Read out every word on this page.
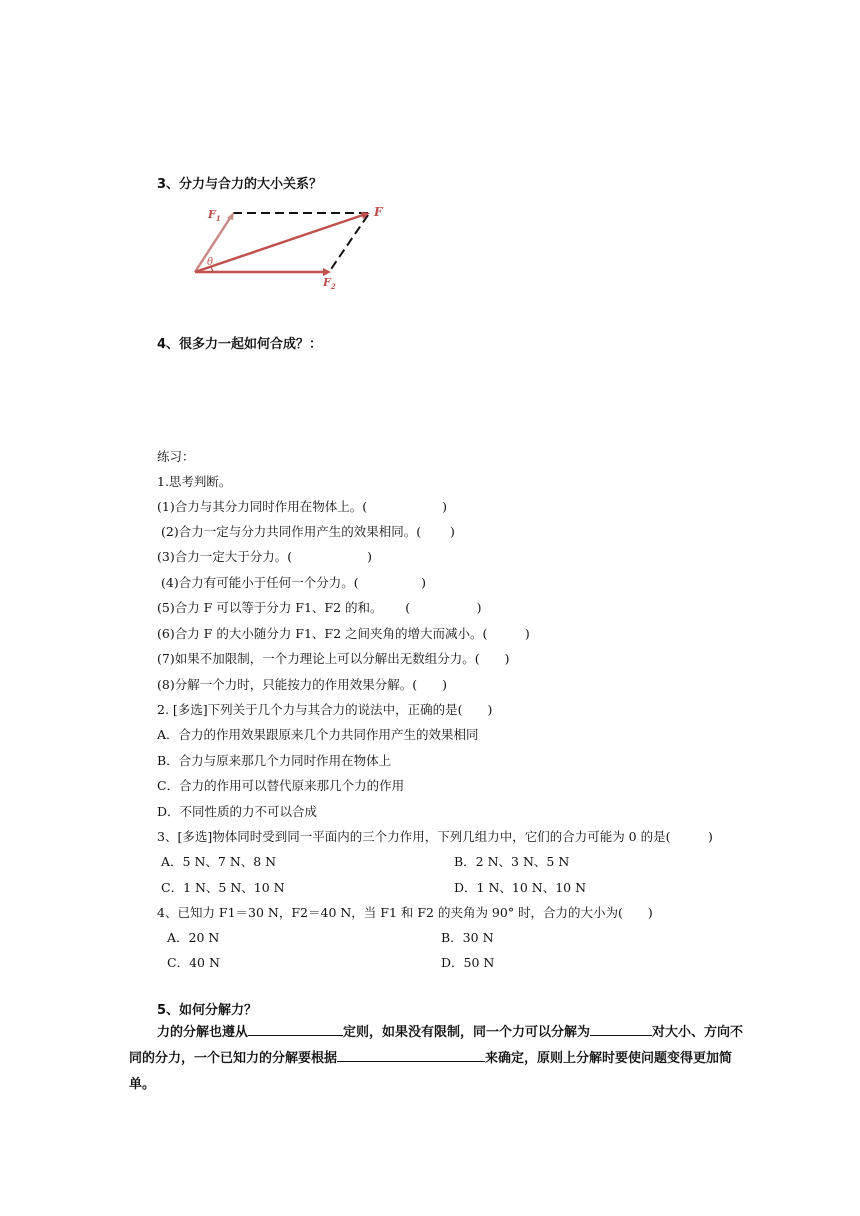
3、分力与合力的大小关系？
$F_1$	F
θ
$F_2$
4、很多力一起如何合成？：
练习：
1.思考判断。
(1)合力与其分力同时作用在物体上。(　　　　　　)
(2)合力一定与分力共同作用产生的效果相同。(　　 )
(3)合力一定大于分力。(　　　　　　)
(4)合力有可能小于任何一个分力。(　　　　　)
(5)合力 F 可以等于分力 F1、F2 的和。　　 (　　　　　 )
(6)合力 F 的大小随分力 F1、F2 之间夹角的增大而减小。(　　　)
(7)如果不加限制，一个力理论上可以分解出无数组分力。(　　)
(8)分解一个力时，只能按力的作用效果分解。(　　)
2. [多选]下列关于几个力与其合力的说法中，正确的是(　　)
A．合力的作用效果跟原来几个力共同作用产生的效果相同
B．合力与原来那几个力同时作用在物体上
C．合力的作用可以替代原来那几个力的作用
D．不同性质的力不可以合成
3、[多选]物体同时受到同一平面内的三个力作用，下列几组力中，它们的合力可能为 0 的是(　　　)
A．5 N、7 N、8 N	B．2 N、3 N、5 N
C．1 N、5 N、10 N	D．1 N、10 N、10 N
4、已知力 F1＝30 N，F2＝40 N，当 F1 和 F2 的夹角为 90° 时，合力的大小为(　　)
A．20 N	B．30 N
C．40 N	D．50 N
5、如何分解力？
力的分解也遵从	定则，如果没有限制，同一个力可以分解为	对大小、方向不
同的分力，一个已知力的分解要根据	来确定，原则上分解时要使问题变得更加简
单。
